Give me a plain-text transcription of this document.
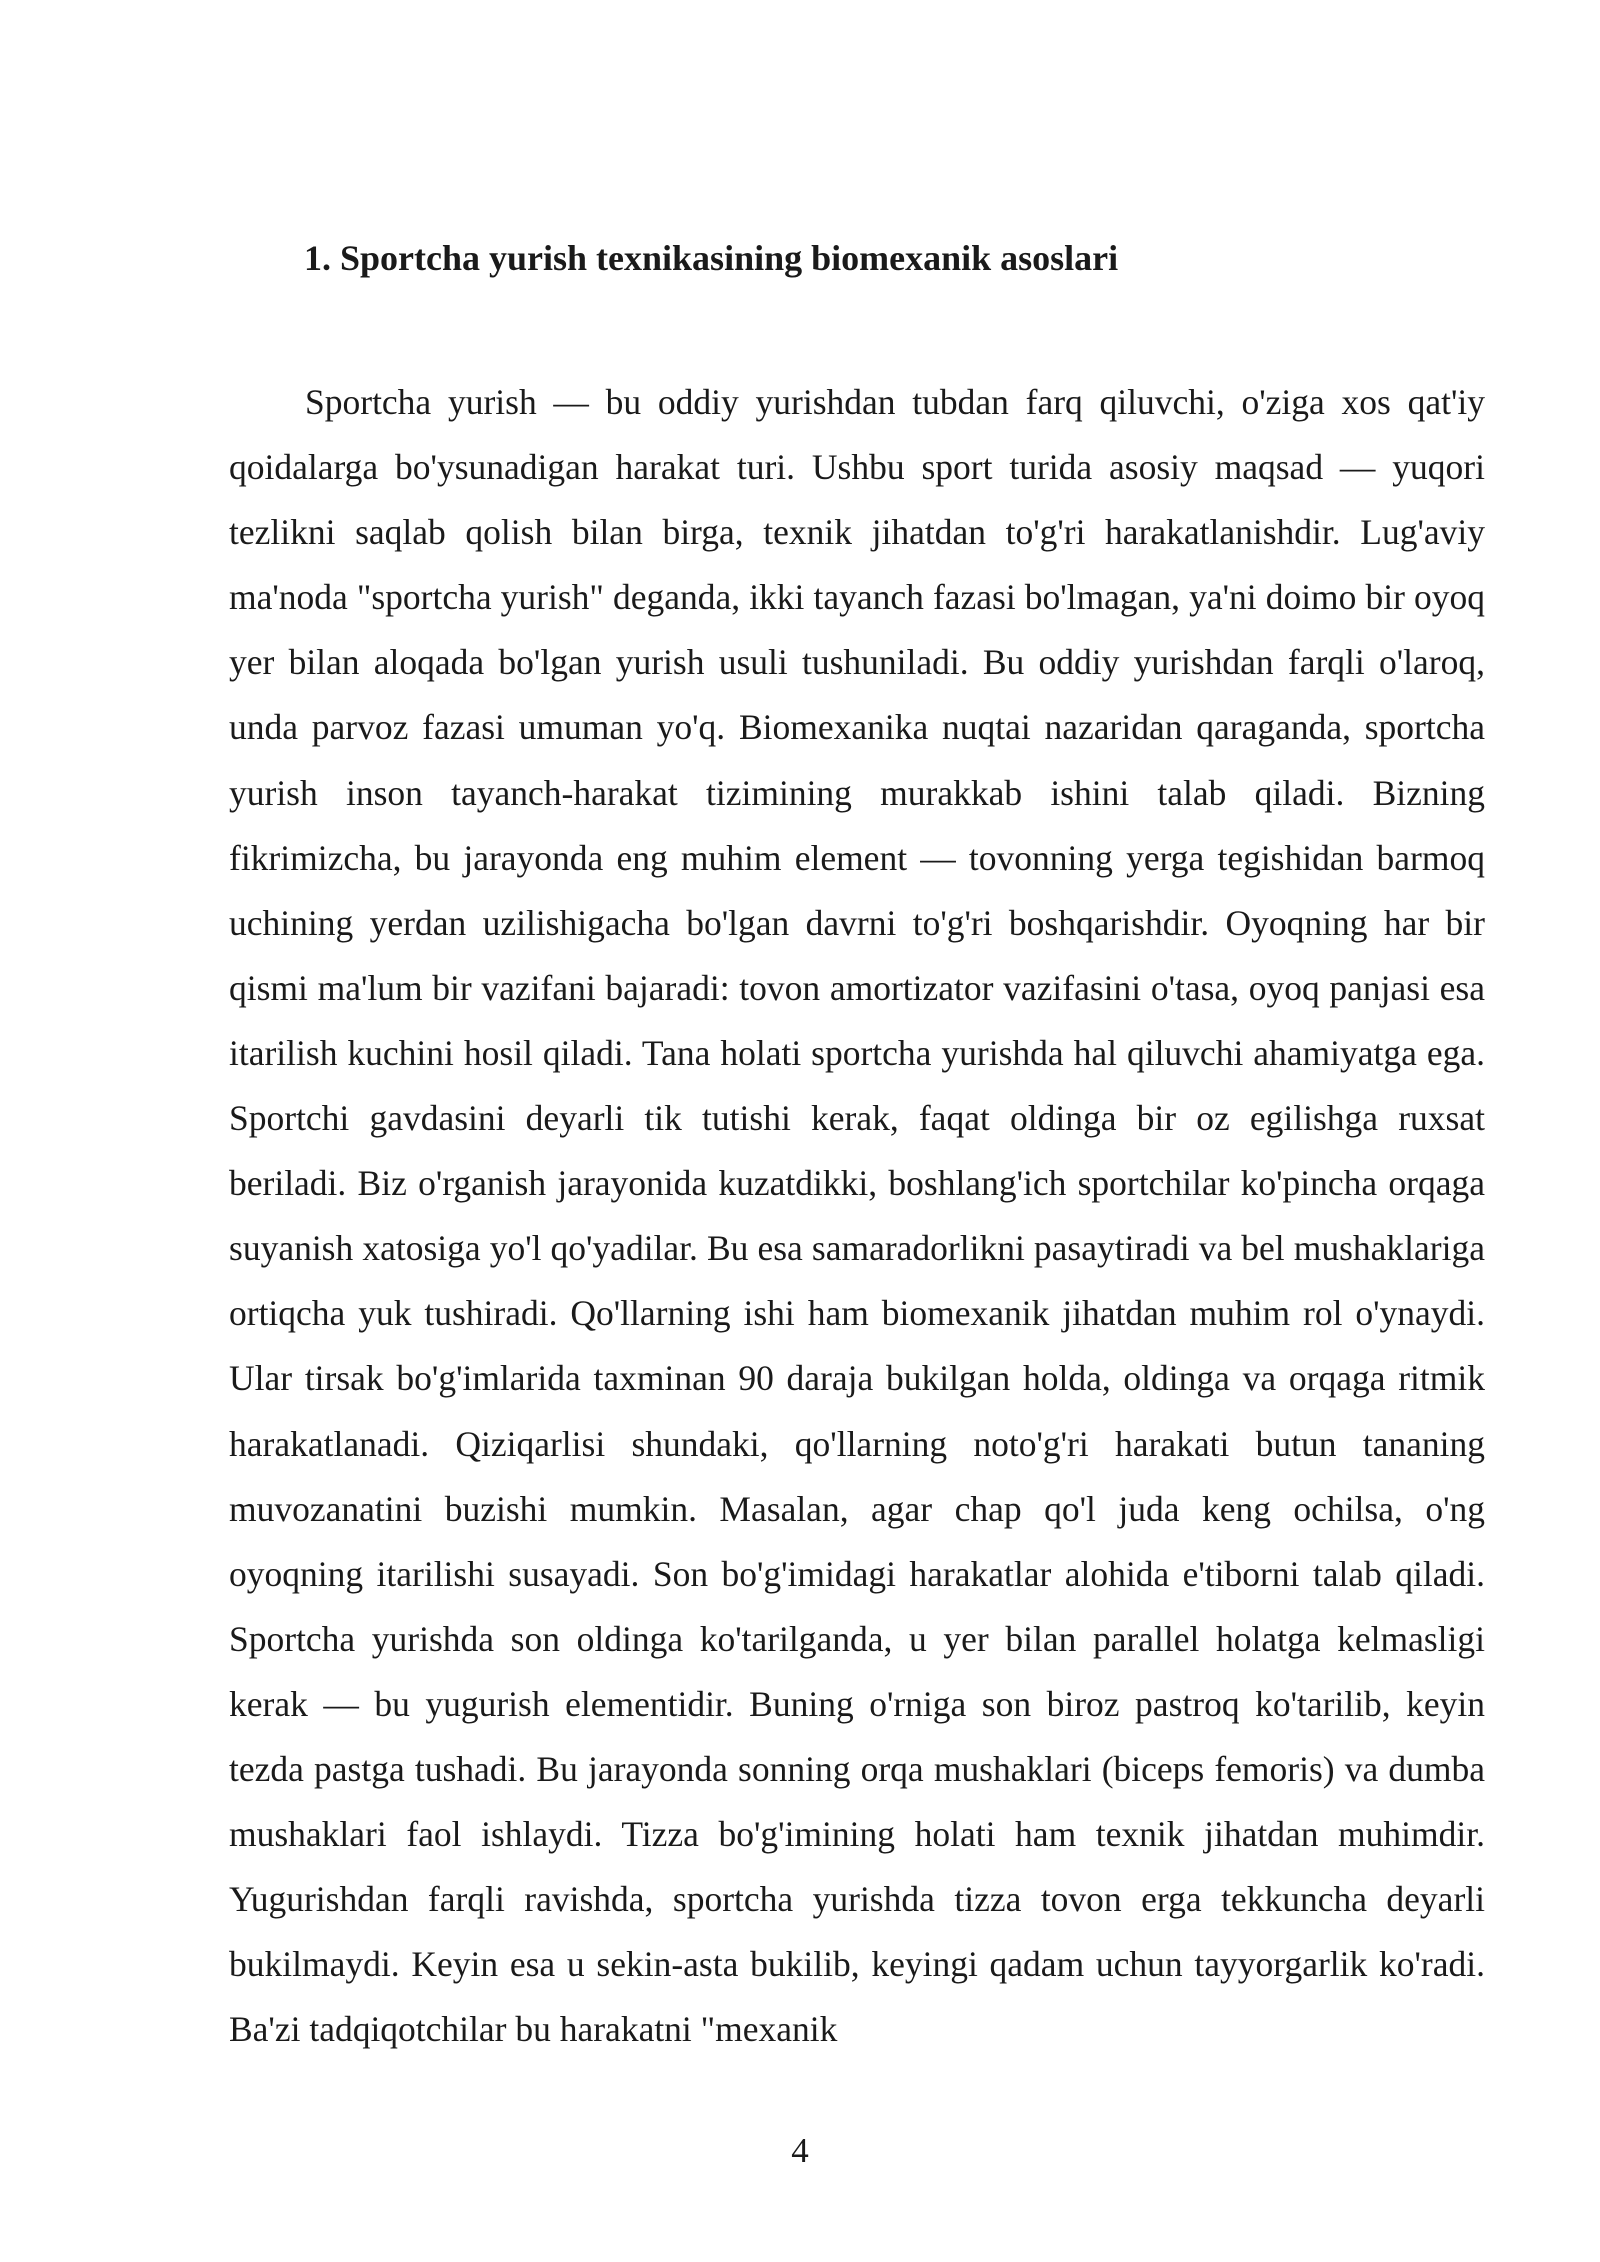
1. Sportcha yurish texnikasining biomexanik asoslari

Sportcha yurish — bu oddiy yurishdan tubdan farq qiluvchi, o'ziga xos qat'iy qoidalarga bo'ysunadigan harakat turi. Ushbu sport turida asosiy maqsad — yuqori tezlikni saqlab qolish bilan birga, texnik jihatdan to'g'ri harakatlanishdir. Lug'aviy ma'noda "sportcha yurish" deganda, ikki tayanch fazasi bo'lmagan, ya'ni doimo bir oyoq yer bilan aloqada bo'lgan yurish usuli tushuniladi. Bu oddiy yurishdan farqli o'laroq, unda parvoz fazasi umuman yo'q. Biomexanika nuqtai nazaridan qaraganda, sportcha yurish inson tayanch-harakat tizimining murakkab ishini talab qiladi. Bizning fikrimizcha, bu jarayonda eng muhim element — tovonning yerga tegishidan barmoq uchining yerdan uzilishigacha bo'lgan davrni to'g'ri boshqarishdir. Oyoqning har bir qismi ma'lum bir vazifani bajaradi: tovon amortizator vazifasini o'tasa, oyoq panjasi esa itarilish kuchini hosil qiladi. Tana holati sportcha yurishda hal qiluvchi ahamiyatga ega. Sportchi gavdasini deyarli tik tutishi kerak, faqat oldinga bir oz egilishga ruxsat beriladi. Biz o'rganish jarayonida kuzatdikki, boshlang'ich sportchilar ko'pincha orqaga suyanish xatosiga yo'l qo'yadilar. Bu esa samaradorlikni pasaytiradi va bel mushaklariga ortiqcha yuk tushiradi. Qo'llarning ishi ham biomexanik jihatdan muhim rol o'ynaydi. Ular tirsak bo'g'imlarida taxminan 90 daraja bukilgan holda, oldinga va orqaga ritmik harakatlanadi. Qiziqarlisi shundaki, qo'llarning noto'g'ri harakati butun tananing muvozanatini buzishi mumkin. Masalan, agar chap qo'l juda keng ochilsa, o'ng oyoqning itarilishi susayadi. Son bo'g'imidagi harakatlar alohida e'tiborni talab qiladi. Sportcha yurishda son oldinga ko'tarilganda, u yer bilan parallel holatga kelmasligi kerak — bu yugurish elementidir. Buning o'rniga son biroz pastroq ko'tarilib, keyin tezda pastga tushadi. Bu jarayonda sonning orqa mushaklari (biceps femoris) va dumba mushaklari faol ishlaydi. Tizza bo'g'imining holati ham texnik jihatdan muhimdir. Yugurishdan farqli ravishda, sportcha yurishda tizza tovon erga tekkuncha deyarli bukilmaydi. Keyin esa u sekin-asta bukilib, keyingi qadam uchun tayyorgarlik ko'radi. Ba'zi tadqiqotchilar bu harakatni "mexanik

4
